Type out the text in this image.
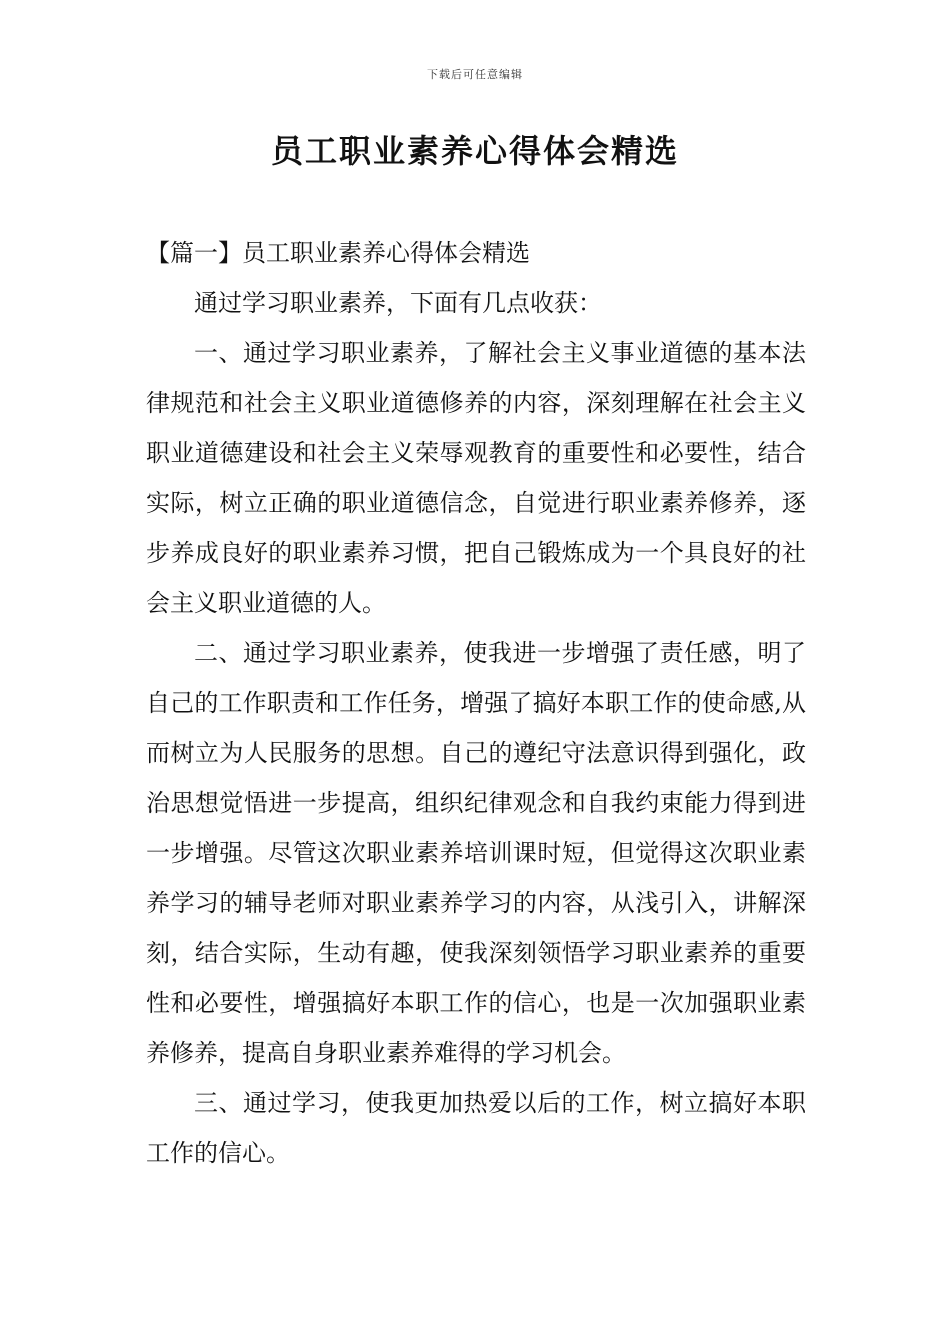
下载后可任意编辑
员工职业素养心得体会精选

【篇一】员工职业素养心得体会精选

通过学习职业素养，下面有几点收获：

一、通过学习职业素养，了解社会主义事业道德的基本法律规范和社会主义职业道德修养的内容，深刻理解在社会主义职业道德建设和社会主义荣辱观教育的重要性和必要性，结合实际，树立正确的职业道德信念，自觉进行职业素养修养，逐步养成良好的职业素养习惯，把自己锻炼成为一个具良好的社会主义职业道德的人。

二、通过学习职业素养，使我进一步增强了责任感，明了自己的工作职责和工作任务，增强了搞好本职工作的使命感,从而树立为人民服务的思想。自己的遵纪守法意识得到强化，政治思想觉悟进一步提高，组织纪律观念和自我约束能力得到进一步增强。尽管这次职业素养培训课时短，但觉得这次职业素养学习的辅导老师对职业素养学习的内容，从浅引入，讲解深刻，结合实际，生动有趣，使我深刻领悟学习职业素养的重要性和必要性，增强搞好本职工作的信心，也是一次加强职业素养修养，提高自身职业素养难得的学习机会。

三、通过学习，使我更加热爱以后的工作，树立搞好本职工作的信心。
